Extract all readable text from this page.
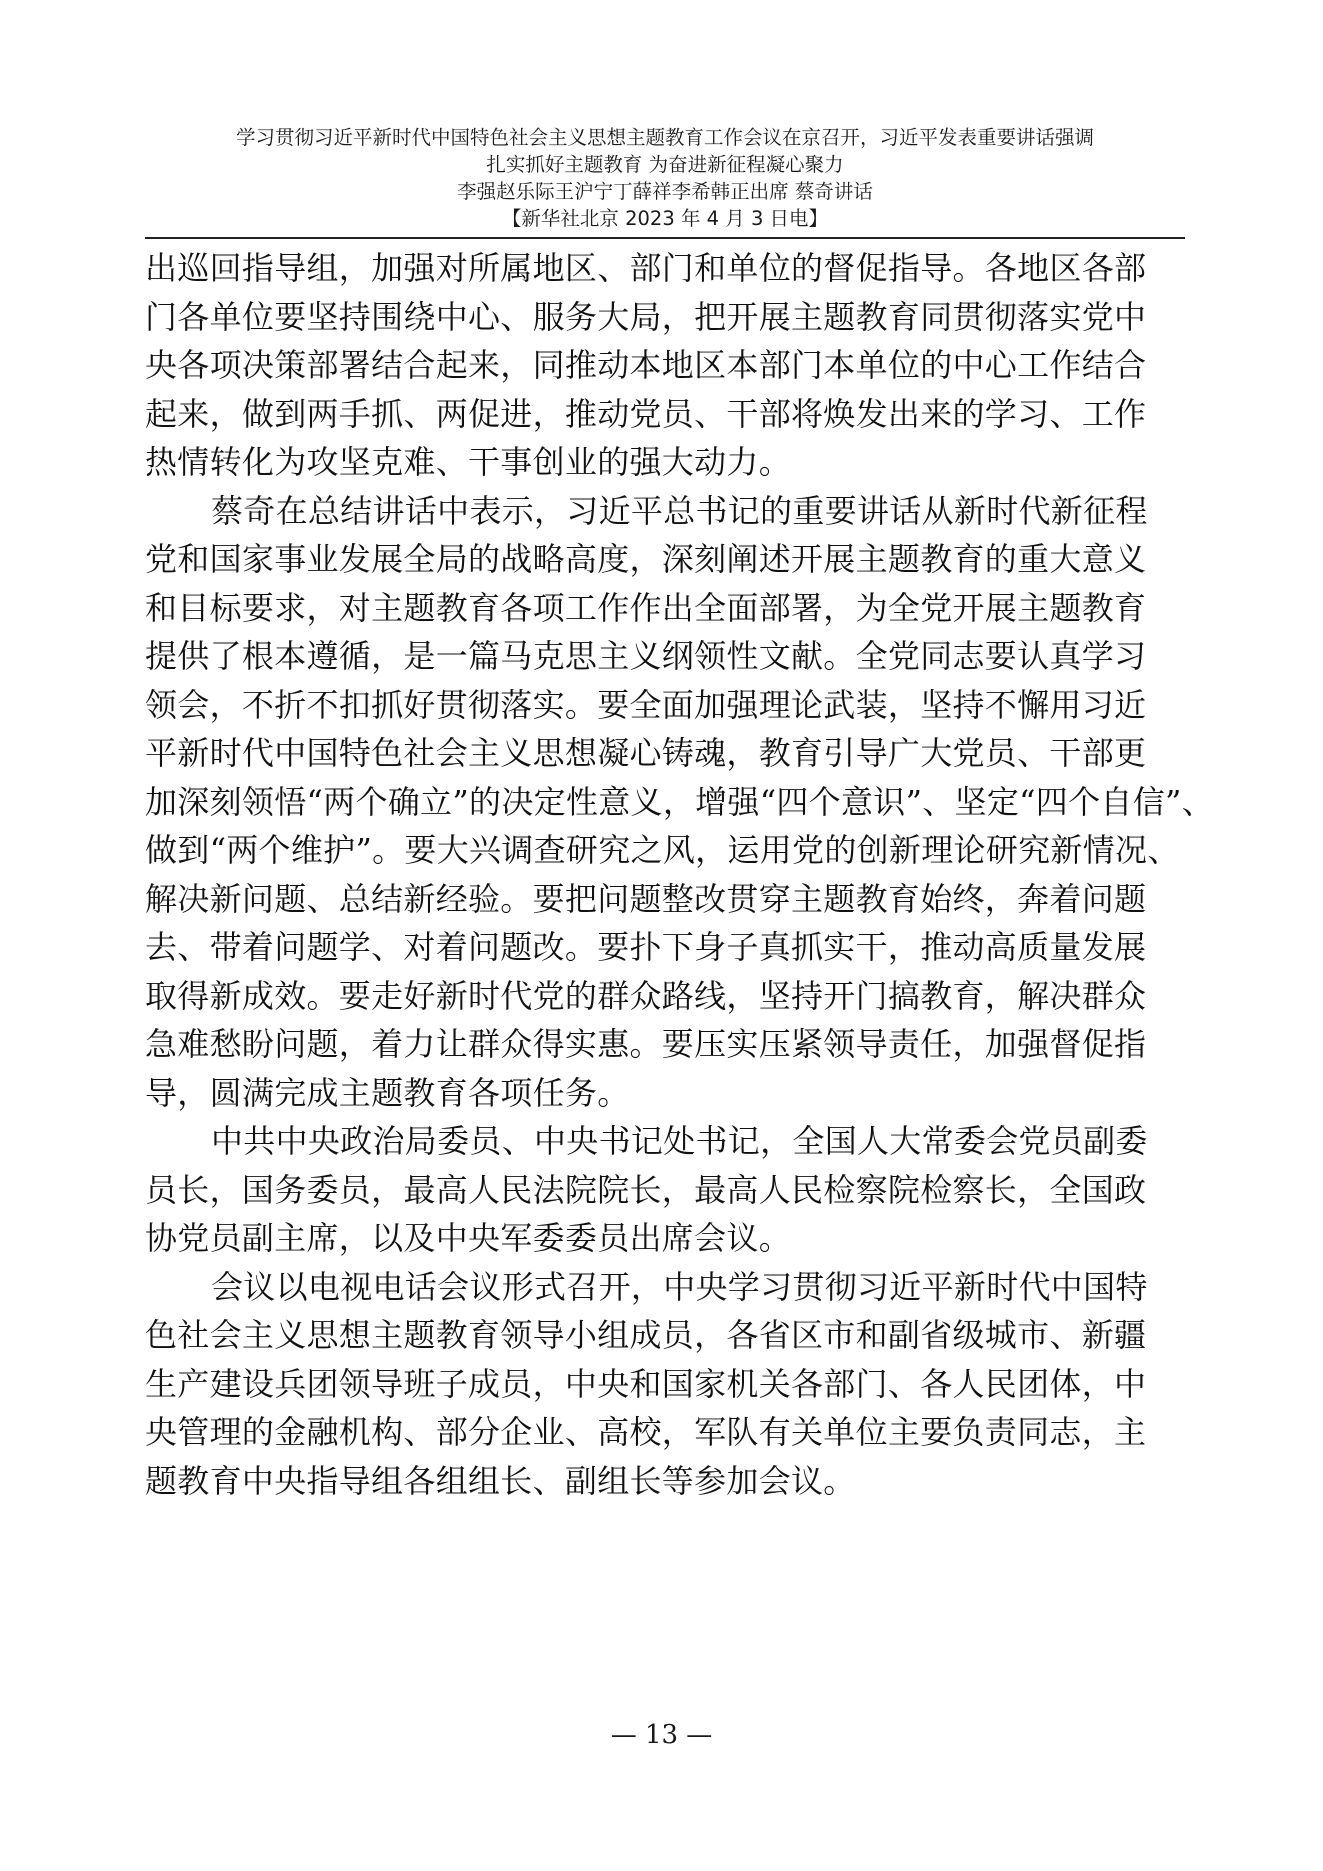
学习贯彻习近平新时代中国特色社会主义思想主题教育工作会议在京召开，习近平发表重要讲话强调
扎实抓好主题教育 为奋进新征程凝心聚力
李强赵乐际王沪宁丁薛祥李希韩正出席 蔡奇讲话
【新华社北京 2023 年 4 月 3 日电】
出巡回指导组，加强对所属地区、部门和单位的督促指导。各地区各部
门各单位要坚持围绕中心、服务大局，把开展主题教育同贯彻落实党中
央各项决策部署结合起来，同推动本地区本部门本单位的中心工作结合
起来，做到两手抓、两促进，推动党员、干部将焕发出来的学习、工作
热情转化为攻坚克难、干事创业的强大动力。
蔡奇在总结讲话中表示，习近平总书记的重要讲话从新时代新征程
党和国家事业发展全局的战略高度，深刻阐述开展主题教育的重大意义
和目标要求，对主题教育各项工作作出全面部署，为全党开展主题教育
提供了根本遵循，是一篇马克思主义纲领性文献。全党同志要认真学习
领会，不折不扣抓好贯彻落实。要全面加强理论武装，坚持不懈用习近
平新时代中国特色社会主义思想凝心铸魂，教育引导广大党员、干部更
加深刻领悟“两个确立”的决定性意义，增强“四个意识”、坚定“四个自信”、
做到“两个维护”。要大兴调查研究之风，运用党的创新理论研究新情况、
解决新问题、总结新经验。要把问题整改贯穿主题教育始终，奔着问题
去、带着问题学、对着问题改。要扑下身子真抓实干，推动高质量发展
取得新成效。要走好新时代党的群众路线，坚持开门搞教育，解决群众
急难愁盼问题，着力让群众得实惠。要压实压紧领导责任，加强督促指
导，圆满完成主题教育各项任务。
中共中央政治局委员、中央书记处书记，全国人大常委会党员副委
员长，国务委员，最高人民法院院长，最高人民检察院检察长，全国政
协党员副主席，以及中央军委委员出席会议。
会议以电视电话会议形式召开，中央学习贯彻习近平新时代中国特
色社会主义思想主题教育领导小组成员，各省区市和副省级城市、新疆
生产建设兵团领导班子成员，中央和国家机关各部门、各人民团体，中
央管理的金融机构、部分企业、高校，军队有关单位主要负责同志，主
题教育中央指导组各组组长、副组长等参加会议。
— 13 —
